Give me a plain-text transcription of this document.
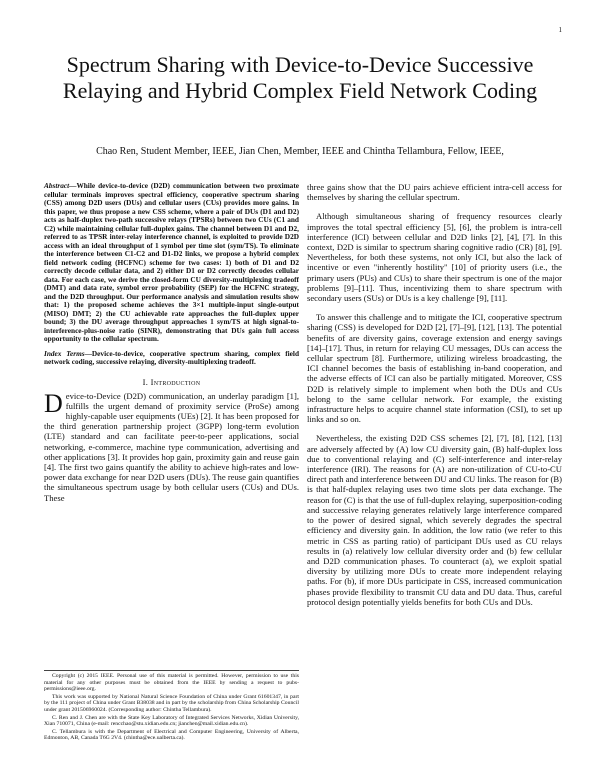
1
Spectrum Sharing with Device-to-Device Successive Relaying and Hybrid Complex Field Network Coding
Chao Ren, Student Member, IEEE, Jian Chen, Member, IEEE and Chintha Tellambura, Fellow, IEEE,

Abstract—While device-to-device (D2D) communication between two proximate cellular terminals improves spectral efficiency, cooperative spectrum sharing (CSS) among D2D users (DUs) and cellular users (CUs) provides more gains. In this paper, we thus propose a new CSS scheme, where a pair of DUs (D1 and D2) acts as half-duplex two-path successive relays (TPSRs) between two CUs (C1 and C2) while maintaining cellular full-duplex gains. The channel between D1 and D2, referred to as TPSR inter-relay interference channel, is exploited to provide D2D access with an ideal throughput of 1 symbol per time slot (sym/TS). To eliminate the interference between C1-C2 and D1-D2 links, we propose a hybrid complex field network coding (HCFNC) scheme for two cases: 1) both of D1 and D2 correctly decode cellular data, and 2) either D1 or D2 correctly decodes cellular data. For each case, we derive the closed-form CU diversity-multiplexing tradeoff (DMT) and data rate, symbol error probability (SEP) for the HCFNC strategy, and the D2D throughput. Our performance analysis and simulation results show that: 1) the proposed scheme achieves the 3×1 multiple-input single-output (MISO) DMT; 2) the CU achievable rate approaches the full-duplex upper bound; 3) the DU average throughput approaches 1 sym/TS at high signal-to-interference-plus-noise ratio (SINR), demonstrating that DUs gain full access opportunity to the cellular spectrum.

Index Terms—Device-to-device, cooperative spectrum sharing, complex field network coding, successive relaying, diversity-multiplexing tradeoff.

I. Introduction

Device-to-Device (D2D) communication, an underlay paradigm [1], fulfills the urgent demand of proximity service (ProSe) among highly-capable user equipments (UEs) [2]. It has been proposed for the third generation partnership project (3GPP) long-term evolution (LTE) standard and can facilitate peer-to-peer applications, social networking, e-commerce, machine type communication, advertising and other applications [3]. It provides hop gain, proximity gain and reuse gain [4]. The first two gains quantify the ability to achieve high-rates and low-power data exchange for near D2D users (DUs). The reuse gain quantifies the simultaneous spectrum usage by both cellular users (CUs) and DUs. These

Copyright (c) 2015 IEEE. Personal use of this material is permitted. However, permission to use this material for any other purposes must be obtained from the IEEE by sending a request to pubs-permissions@ieee.org.

This work was supported by National Natural Science Foundation of China under Grant 61601347, in part by the 111 project of China under Grant B38038 and in part by the scholarship from China Scholarship Council under grant 201506960024. (Corresponding author: Chintha Tellambura).

C. Ren and J. Chen are with the State Key Laboratory of Integrated Services Networks, Xidian University, Xian 710071, China (e-mail: rencchao@stu.xidian.edu.cn; jianchen@mail.xidian.edu.cn).

C. Tellambura is with the Department of Electrical and Computer Engineering, University of Alberta, Edmonton, AB, Canada T6G 2V4. (chintha@ece.ualberta.ca).

three gains show that the DU pairs achieve efficient intra-cell access for themselves by sharing the cellular spectrum.

Although simultaneous sharing of frequency resources clearly improves the total spectral efficiency [5], [6], the problem is intra-cell interference (ICI) between cellular and D2D links [2], [4], [7]. In this context, D2D is similar to spectrum sharing cognitive radio (CR) [8], [9]. Nevertheless, for both these systems, not only ICI, but also the lack of incentive or even "inherently hostility" [10] of priority users (i.e., the primary users (PUs) and CUs) to share their spectrum is one of the major problems [9]–[11]. Thus, incentivizing them to share spectrum with secondary users (SUs) or DUs is a key challenge [9], [11].

To answer this challenge and to mitigate the ICI, cooperative spectrum sharing (CSS) is developed for D2D [2], [7]–[9], [12], [13]. The potential benefits of are diversity gains, coverage extension and energy savings [14]–[17]. Thus, in return for relaying CU messages, DUs can access the cellular spectrum [8]. Furthermore, utilizing wireless broadcasting, the ICI channel becomes the basis of establishing in-band cooperation, and the adverse effects of ICI can also be partially mitigated. Moreover, CSS D2D is relatively simple to implement when both the DUs and CUs belong to the same cellular network. For example, the existing infrastructure helps to acquire channel state information (CSI), to set up links and so on.

Nevertheless, the existing D2D CSS schemes [2], [7], [8], [12], [13] are adversely affected by (A) low CU diversity gain, (B) half-duplex loss due to conventional relaying and (C) self-interference and inter-relay interference (IRI). The reasons for (A) are non-utilization of CU-to-CU direct path and interference between DU and CU links. The reason for (B) is that half-duplex relaying uses two time slots per data exchange. The reason for (C) is that the use of full-duplex relaying, superposition-coding and successive relaying generates relatively large interference compared to the power of desired signal, which severely degrades the spectral efficiency and diversity gain. In addition, the low ratio (we refer to this metric in CSS as parting ratio) of participant DUs used as CU relays results in (a) relatively low cellular diversity order and (b) few cellular and D2D communication phases. To counteract (a), we exploit spatial diversity by utilizing more DUs to create more independent relaying paths. For (b), if more DUs participate in CSS, increased communication phases provide flexibility to transmit CU data and DU data. Thus, careful protocol design potentially yields benefits for both CUs and DUs.
